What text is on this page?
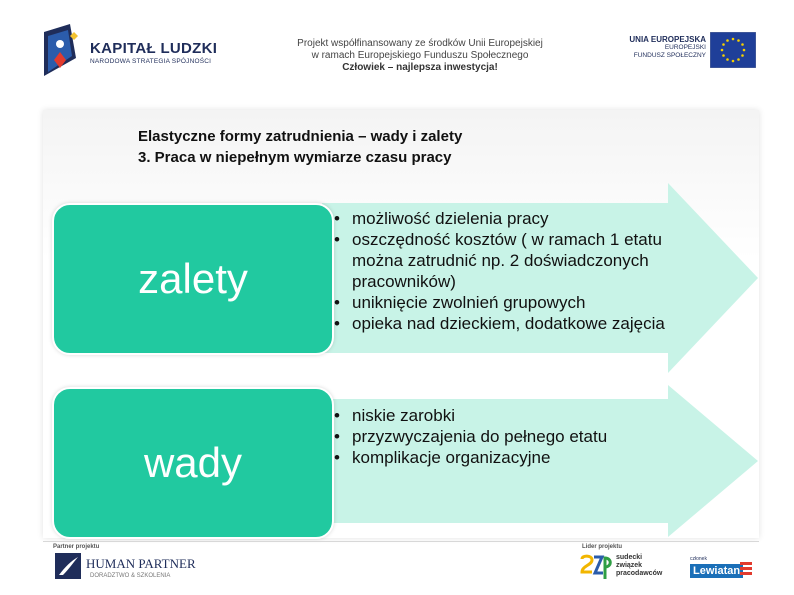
KAPITAŁ LUDZKI
NARODOWA STRATEGIA SPÓJNOŚCI
Projekt współfinansowany ze środków Unii Europejskiej
w ramach Europejskiego Funduszu Społecznego
Człowiek – najlepsza inwestycja!
UNIA EUROPEJSKA
EUROPEJSKI
FUNDUSZ SPOŁECZNY
Elastyczne formy zatrudnienia – wady i zalety
3. Praca w niepełnym wymiarze czasu pracy
zalety
wady
• możliwość dzielenia pracy
• oszczędność kosztów ( w ramach 1 etatu można zatrudnić np. 2 doświadczonych pracowników)
• uniknięcie zwolnień grupowych
• opieka nad dzieckiem, dodatkowe zajęcia
• niskie zarobki
• przyzwyczajenia do pełnego etatu
• komplikacje organizacyjne
Partner projektu
HUMAN PARTNER
DORADZTWO & SZKOLENIA
Lider projektu
sudecki
związek
pracodawców
członek
Lewiatan
